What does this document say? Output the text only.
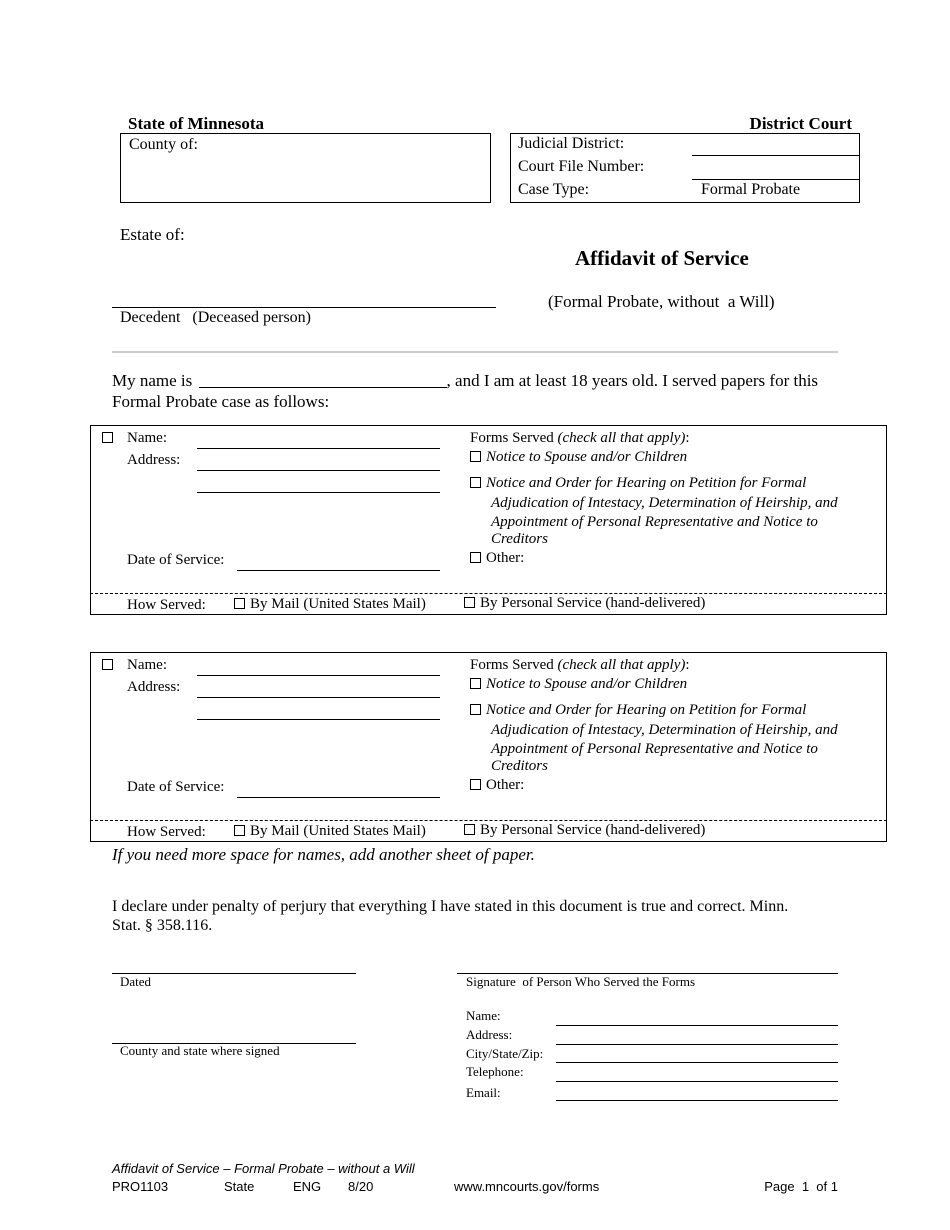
State of Minnesota	District Court
County of:	Judicial District:
Court File Number:
Case Type:	Formal Probate
Estate of:
Decedent   (Deceased person)
Affidavit of Service
(Formal Probate, without  a Will)
My name is	, and I am at least 18 years old. I served papers for this
Formal Probate case as follows:
Name:
Address:
Date of Service:
Forms Served (check all that apply):
Notice to Spouse and/or Children
Notice and Order for Hearing on Petition for Formal
Adjudication of Intestacy, Determination of Heirship, and
Appointment of Personal Representative and Notice to
Creditors
Other:
How Served:	By Mail (United States Mail)	By Personal Service (hand-delivered)
Name:
Address:
Date of Service:
Forms Served (check all that apply):
Notice to Spouse and/or Children
Notice and Order for Hearing on Petition for Formal
Adjudication of Intestacy, Determination of Heirship, and
Appointment of Personal Representative and Notice to
Creditors
Other:
How Served:	By Mail (United States Mail)	By Personal Service (hand-delivered)
If you need more space for names, add another sheet of paper.
I declare under penalty of perjury that everything I have stated in this document is true and correct. Minn.
Stat. § 358.116.
Dated
County and state where signed
Signature  of Person Who Served the Forms
Name:
Address:
City/State/Zip:
Telephone:
Email:
Affidavit of Service – Formal Probate – without a Will
PRO1103	State	ENG 8/20	www.mncourts.gov/forms	Page  1  of 1
